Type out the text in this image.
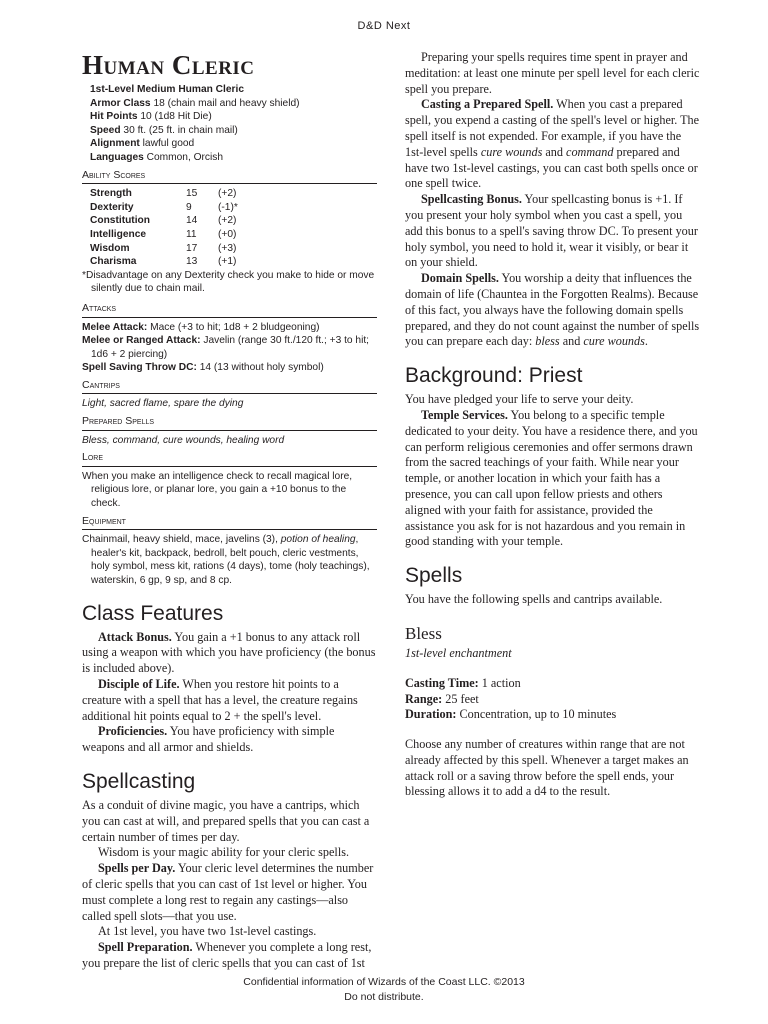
D&D Next
Human Cleric
1st-Level Medium Human Cleric
Armor Class 18 (chain mail and heavy shield)
Hit Points 10 (1d8 Hit Die)
Speed 30 ft. (25 ft. in chain mail)
Alignment lawful good
Languages Common, Orcish
Ability Scores
Strength	15	(+2)
Dexterity	9	(-1)*
Constitution	14	(+2)
Intelligence	11	(+0)
Wisdom	17	(+3)
Charisma	13	(+1)
*Disadvantage on any Dexterity check you make to hide or move silently due to chain mail.
Attacks
Melee Attack: Mace (+3 to hit; 1d8 + 2 bludgeoning)
Melee or Ranged Attack: Javelin (range 30 ft./120 ft.; +3 to hit; 1d6 + 2 piercing)
Spell Saving Throw DC: 14 (13 without holy symbol)
Cantrips
Light, sacred flame, spare the dying
Prepared Spells
Bless, command, cure wounds, healing word
Lore
When you make an intelligence check to recall magical lore, religious lore, or planar lore, you gain a +10 bonus to the check.
Equipment
Chainmail, heavy shield, mace, javelins (3), potion of healing, healer's kit, backpack, bedroll, belt pouch, cleric vestments, holy symbol, mess kit, rations (4 days), tome (holy teachings), waterskin, 6 gp, 9 sp, and 8 cp.
Class Features

Attack Bonus. You gain a +1 bonus to any attack roll using a weapon with which you have proficiency (the bonus is included above).

Disciple of Life. When you restore hit points to a creature with a spell that has a level, the creature regains additional hit points equal to 2 + the spell's level.

Proficiencies. You have proficiency with simple weapons and all armor and shields.

Spellcasting

As a conduit of divine magic, you have a cantrips, which you can cast at will, and prepared spells that you can cast a certain number of times per day.

Wisdom is your magic ability for your cleric spells.

Spells per Day. Your cleric level determines the number of cleric spells that you can cast of 1st level or higher. You must complete a long rest to regain any castings—also called spell slots—that you use.

At 1st level, you have two 1st-level castings.

Spell Preparation. Whenever you complete a long rest, you prepare the list of cleric spells that you can cast of 1st

Preparing your spells requires time spent in prayer and meditation: at least one minute per spell level for each cleric spell you prepare.

Casting a Prepared Spell. When you cast a prepared spell, you expend a casting of the spell's level or higher. The spell itself is not expended. For example, if you have the 1st-level spells cure wounds and command prepared and have two 1st-level castings, you can cast both spells once or one spell twice.

Spellcasting Bonus. Your spellcasting bonus is +1. If you present your holy symbol when you cast a spell, you add this bonus to a spell's saving throw DC. To present your holy symbol, you need to hold it, wear it visibly, or bear it on your shield.

Domain Spells. You worship a deity that influences the domain of life (Chauntea in the Forgotten Realms). Because of this fact, you always have the following domain spells prepared, and they do not count against the number of spells you can prepare each day: bless and cure wounds.

Background: Priest

You have pledged your life to serve your deity.

Temple Services. You belong to a specific temple dedicated to your deity. You have a residence there, and you can perform religious ceremonies and offer sermons drawn from the sacred teachings of your faith. While near your temple, or another location in which your faith has a presence, you can call upon fellow priests and others aligned with your faith for assistance, provided the assistance you ask for is not hazardous and you remain in good standing with your temple.

Spells
You have the following spells and cantrips available.
Bless

1st-level enchantment

Casting Time: 1 action

Range: 25 feet

Duration: Concentration, up to 10 minutes

Choose any number of creatures within range that are not already affected by this spell. Whenever a target makes an attack roll or a saving throw before the spell ends, your blessing allows it to add a d4 to the result.

Confidential information of Wizards of the Coast LLC. ©2013
Do not distribute.
